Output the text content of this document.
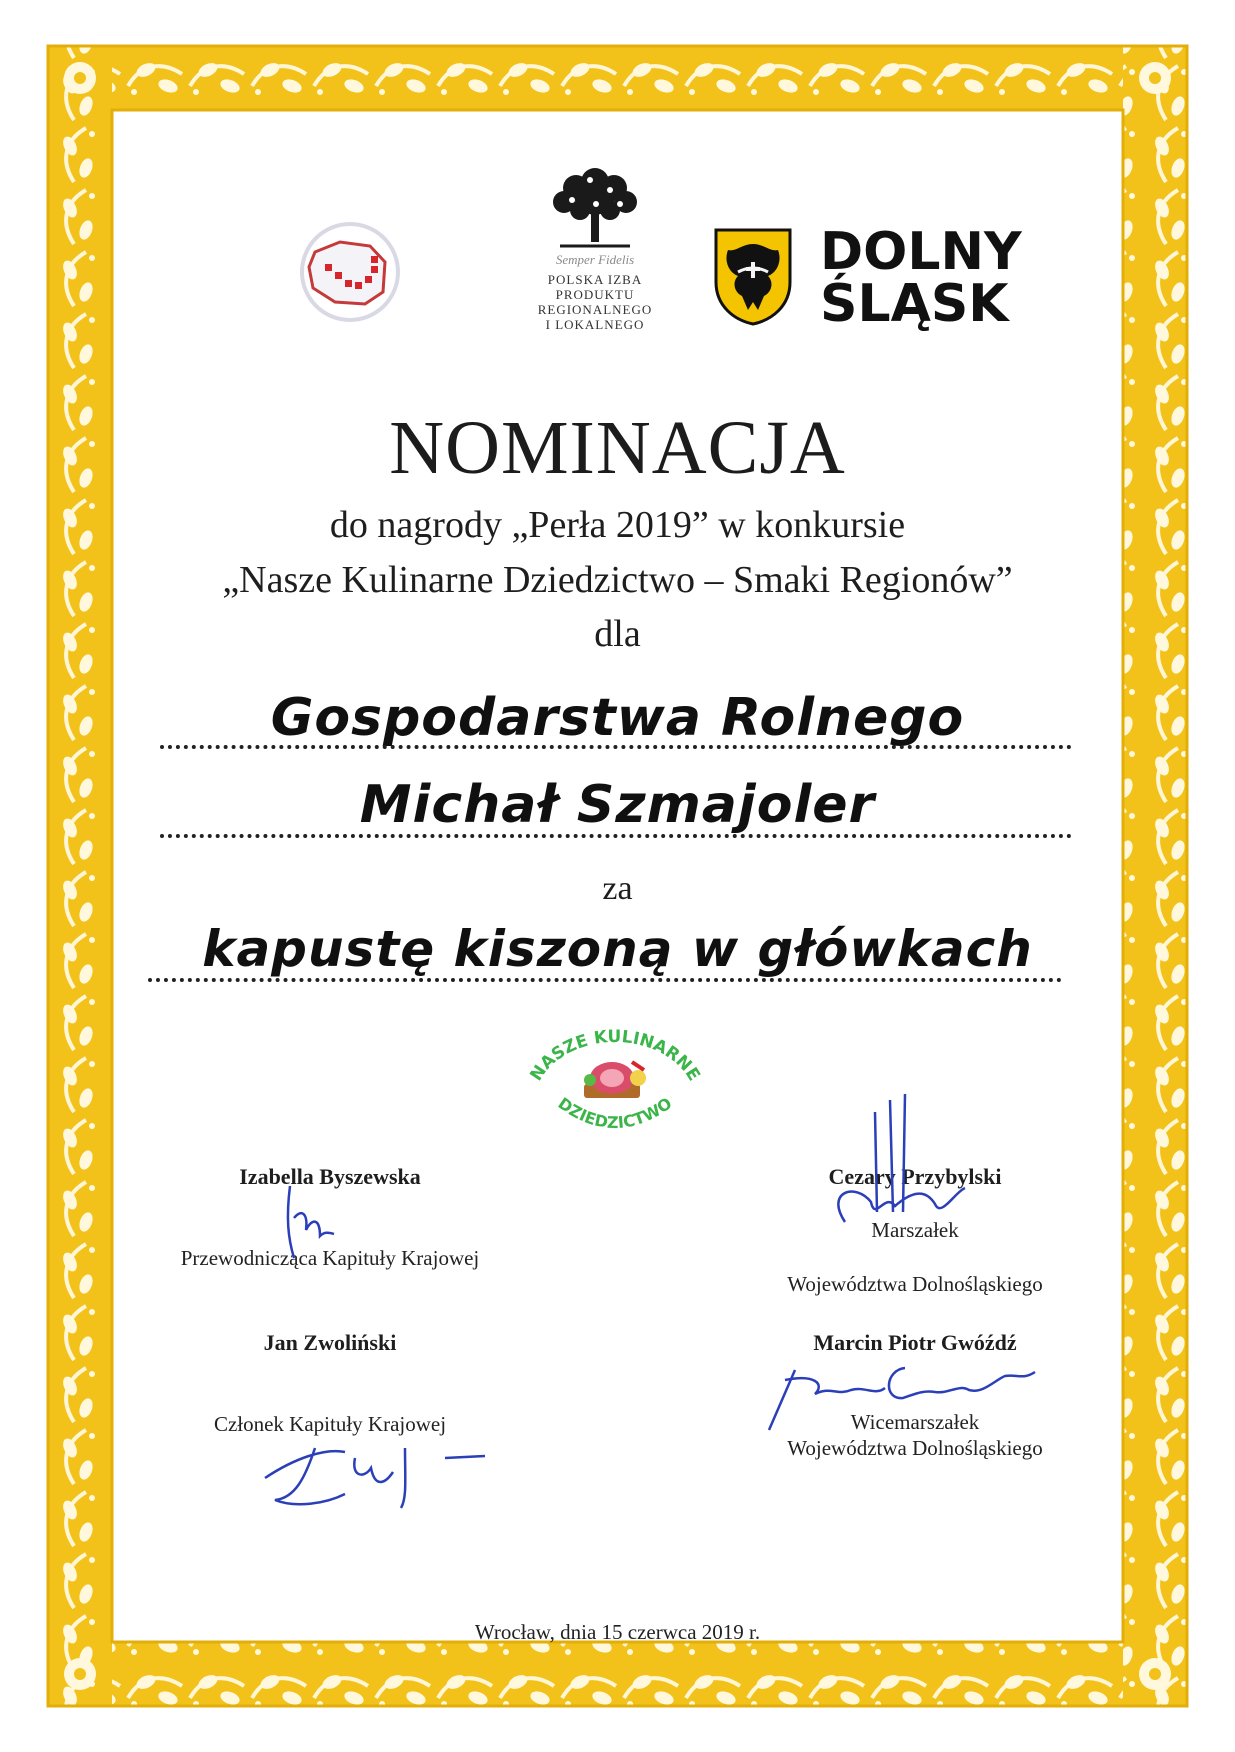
Semper Fidelis
POLSKA IZBA
PRODUKTU
REGIONALNEGO
I LOKALNEGO
DOLNY
ŚLĄSK
NOMINACJA
do nagrody „Perła 2019” w konkursie
„Nasze Kulinarne Dziedzictwo – Smaki Regionów”
dla
Gospodarstwa Rolnego
Michał Szmajoler
za
kapustę kiszoną w główkach
NASZE KULINARNE
DZIEDZICTWO
Izabella Byszewska
Przewodnicząca Kapituły Krajowej
Cezary Przybylski
Marszałek
Województwa Dolnośląskiego
Jan Zwoliński
Członek Kapituły Krajowej
Marcin Piotr Gwóźdź
Wicemarszałek
Województwa Dolnośląskiego
Wrocław, dnia 15 czerwca 2019 r.
